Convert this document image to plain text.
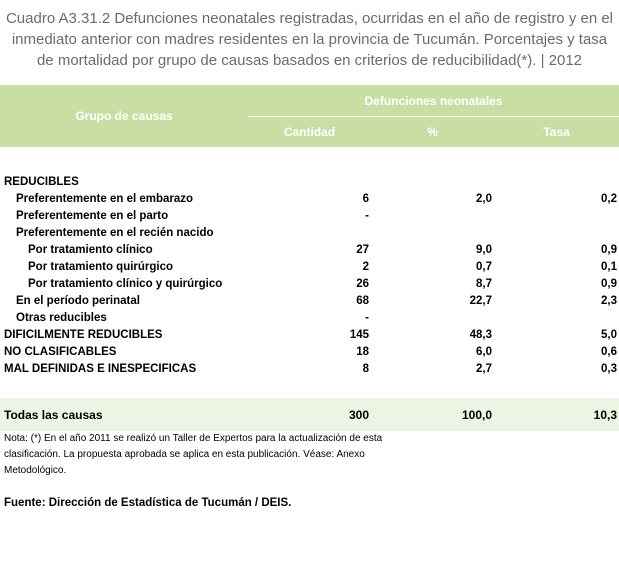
Cuadro A3.31.2 Defunciones neonatales registradas, ocurridas en el año de registro y en el inmediato anterior con madres residentes en la provincia de Tucumán. Porcentajes y tasa de mortalidad por grupo de causas basados en criterios de reducibilidad(*). | 2012
Grupo de causas	Defunciones neonatales		
	Cantidad	%	Tasa

REDUCIBLES			
Preferentemente en el embarazo	6	2,0	0,2
Preferentemente en el parto	-		
Preferentemente en el recién nacido			
Por tratamiento clínico	27	9,0	0,9
Por tratamiento quirúrgico	2	0,7	0,1
Por tratamiento clínico y quirúrgico	26	8,7	0,9
En el período perinatal	68	22,7	2,3
Otras reducibles	-		
DIFICILMENTE REDUCIBLES	145	48,3	5,0
NO CLASIFICABLES	18	6,0	0,6
MAL DEFINIDAS E INESPECIFICAS	8	2,7	0,3

Todas las causas	300	100,0	10,3
Nota: (*) En el año 2011 se realizó un Taller de Expertos para la actualización de esta clasificación. La propuesta aprobada se aplica en esta publicación. Véase: Anexo Metodológico.
Fuente: Dirección de Estadística de Tucumán / DEIS.
